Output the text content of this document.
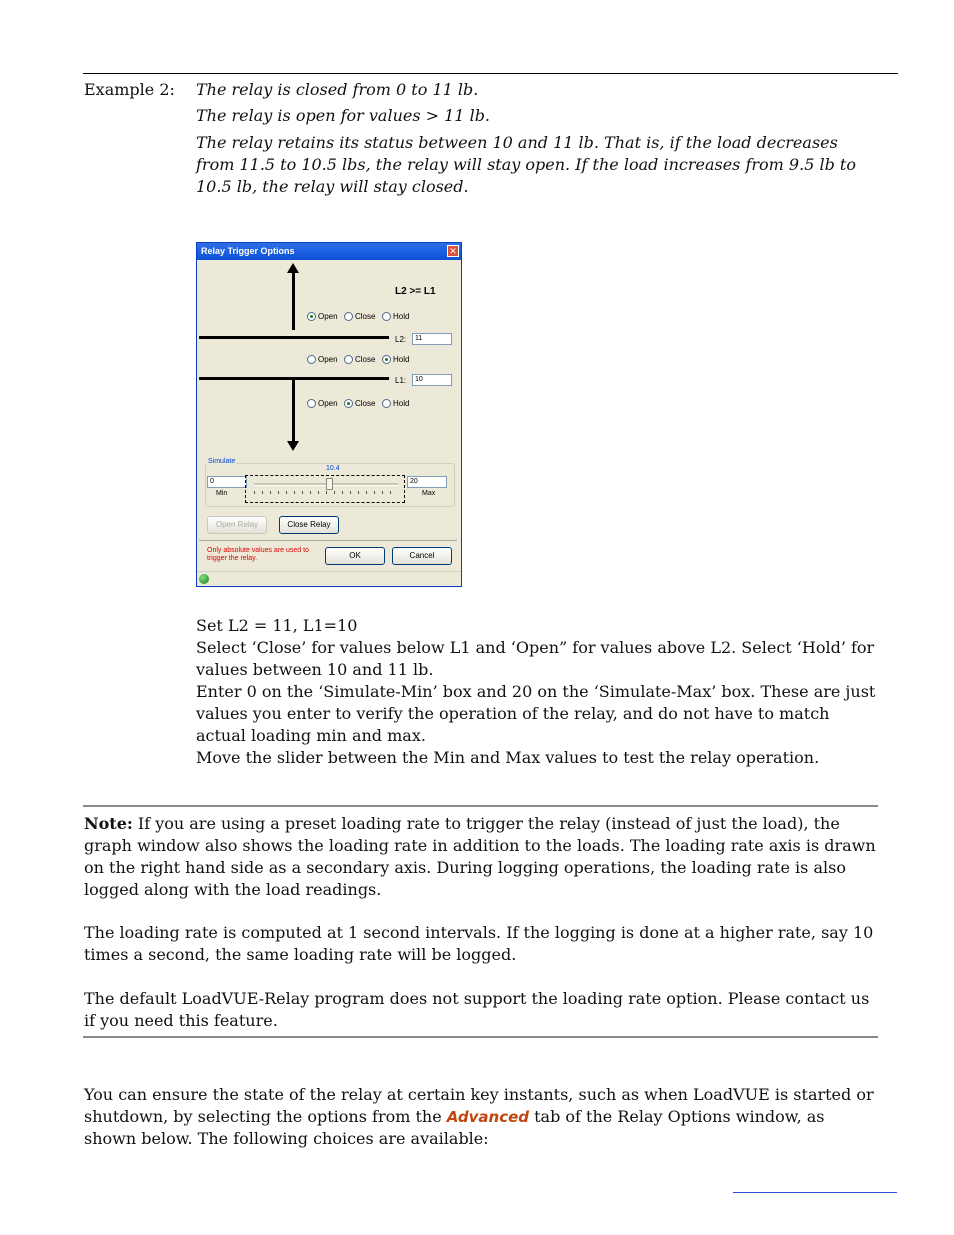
Example 2: The relay is closed from 0 to 11 lb.
The relay is open for values > 11 lb.
The relay retains its status between 10 and 11 lb. That is, if the load decreases from 11.5 to 10.5 lbs, the relay will stay open. If the load increases from 9.5 lb to 10.5 lb, the relay will stay closed.
Relay Trigger Options	✕
L2 >= L1
Open	Close	Hold
L2:	11
Open	Close	Hold
L1:	10
Open	Close	Hold
Simulate
10.4
0	20
Min	Max
Open Relay	Close Relay
Only absolute values are used to trigger the relay.	OK	Cancel
Set L2 = 11, L1=10
Select ‘Close’ for values below L1 and ‘Open” for values above L2. Select ‘Hold’ for values between 10 and 11 lb.
Enter 0 on the ‘Simulate-Min’ box and 20 on the ‘Simulate-Max’ box. These are just values you enter to verify the operation of the relay, and do not have to match actual loading min and max.
Move the slider between the Min and Max values to test the relay operation.
Note: If you are using a preset loading rate to trigger the relay (instead of just the load), the graph window also shows the loading rate in addition to the loads. The loading rate axis is drawn on the right hand side as a secondary axis. During logging operations, the loading rate is also logged along with the load readings.
The loading rate is computed at 1 second intervals. If the logging is done at a higher rate, say 10 times a second, the same loading rate will be logged.
The default LoadVUE-Relay program does not support the loading rate option. Please contact us if you need this feature.
You can ensure the state of the relay at certain key instants, such as when LoadVUE is started or shutdown, by selecting the options from the Advanced tab of the Relay Options window, as shown below. The following choices are available:
